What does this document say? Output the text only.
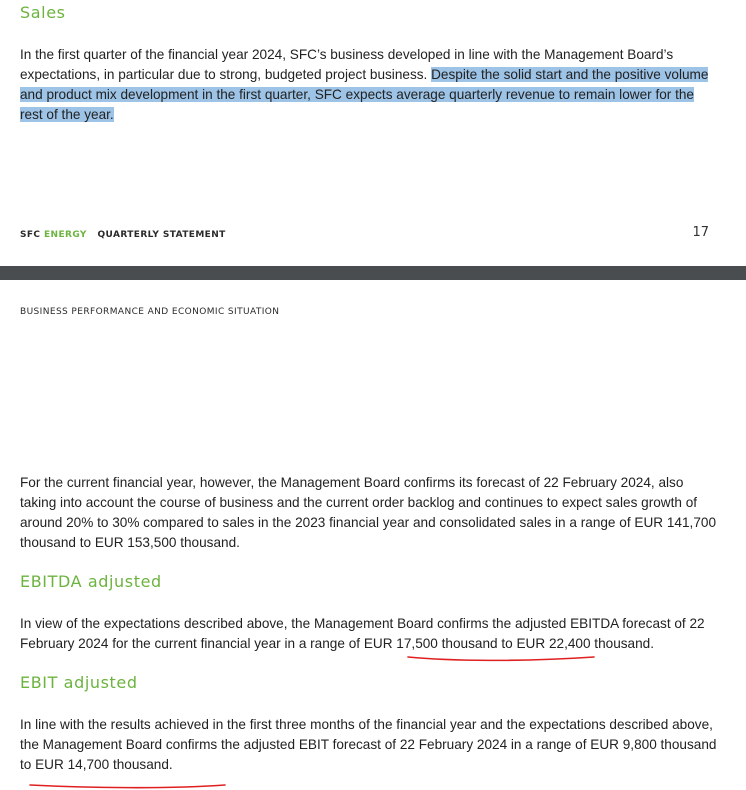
Sales

In the first quarter of the financial year 2024, SFC’s business developed in line with the Management Board’s expectations, in particular due to strong, budgeted project business. Despite the solid start and the positive volume and product mix development in the first quarter, SFC expects average quarterly revenue to remain lower for the rest of the year.

SFC ENERGY QUARTERLY STATEMENT	17

BUSINESS PERFORMANCE AND ECONOMIC SITUATION

For the current financial year, however, the Management Board confirms its forecast of 22 February 2024, also taking into account the course of business and the current order backlog and continues to expect sales growth of around 20% to 30% compared to sales in the 2023 financial year and consolidated sales in a range of EUR 141,700 thousand to EUR 153,500 thousand.

EBITDA adjusted

In view of the expectations described above, the Management Board confirms the adjusted EBITDA forecast of 22 February 2024 for the current financial year in a range of EUR 17,500 thousand to EUR 22,400 thousand.

EBIT adjusted

In line with the results achieved in the first three months of the financial year and the expectations described above, the Management Board confirms the adjusted EBIT forecast of 22 February 2024 in a range of EUR 9,800 thousand to EUR 14,700 thousand.
